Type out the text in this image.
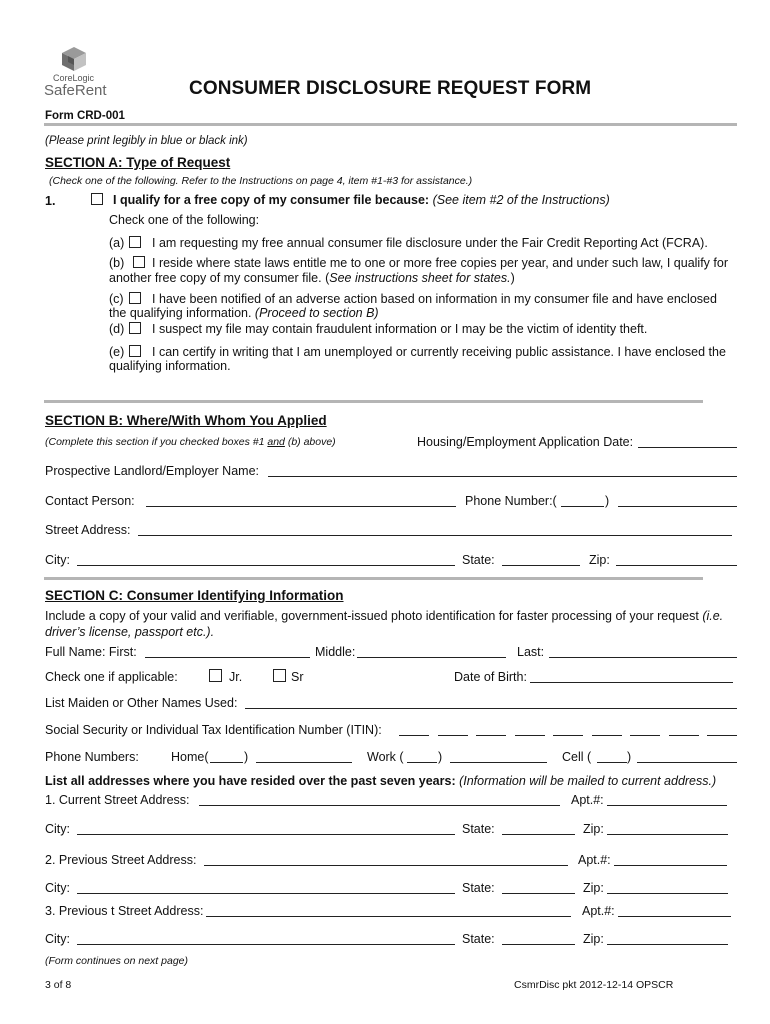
CoreLogic
SafeRent	CONSUMER DISCLOSURE REQUEST FORM
Form CRD-001
(Please print legibly in blue or black ink)
SECTION A: Type of Request
(Check one of the following. Refer to the Instructions on page 4, item #1-#3 for assistance.)
1.	I qualify for a free copy of my consumer file because: (See item #2 of the Instructions)
Check one of the following:
(a) I am requesting my free annual consumer file disclosure under the Fair Credit Reporting Act (FCRA).
(b) I reside where state laws entitle me to one or more free copies per year, and under such law, I qualify for
another free copy of my consumer file. (See instructions sheet for states.)
(c) I have been notified of an adverse action based on information in my consumer file and have enclosed
the qualifying information. (Proceed to section B)
(d) I suspect my file may contain fraudulent information or I may be the victim of identity theft.
(e) I can certify in writing that I am unemployed or currently receiving public assistance. I have enclosed the
qualifying information.
SECTION B: Where/With Whom You Applied
(Complete this section if you checked boxes #1 and (b) above)	Housing/Employment Application Date:
Prospective Landlord/Employer Name:
Contact Person:	Phone Number:(	)
Street Address:
City:	State:	Zip:
SECTION C: Consumer Identifying Information
Include a copy of your valid and verifiable, government-issued photo identification for faster processing of your request (i.e.
driver’s license, passport etc.).
Full Name: First:	Middle:	Last:
Check one if applicable:	Jr.	Sr	Date of Birth:
List Maiden or Other Names Used:
Social Security or Individual Tax Identification Number (ITIN):
Phone Numbers:	Home(	)	Work (	)	Cell (	)
List all addresses where you have resided over the past seven years: (Information will be mailed to current address.)
1. Current Street Address:	Apt.#:
City:	State:	Zip:
2. Previous Street Address:	Apt.#:
City:	State:	Zip:
3. Previous t Street Address:	Apt.#:
City:	State:	Zip:
(Form continues on next page)
3 of 8	CsmrDisc pkt 2012-12-14 OPSCR
